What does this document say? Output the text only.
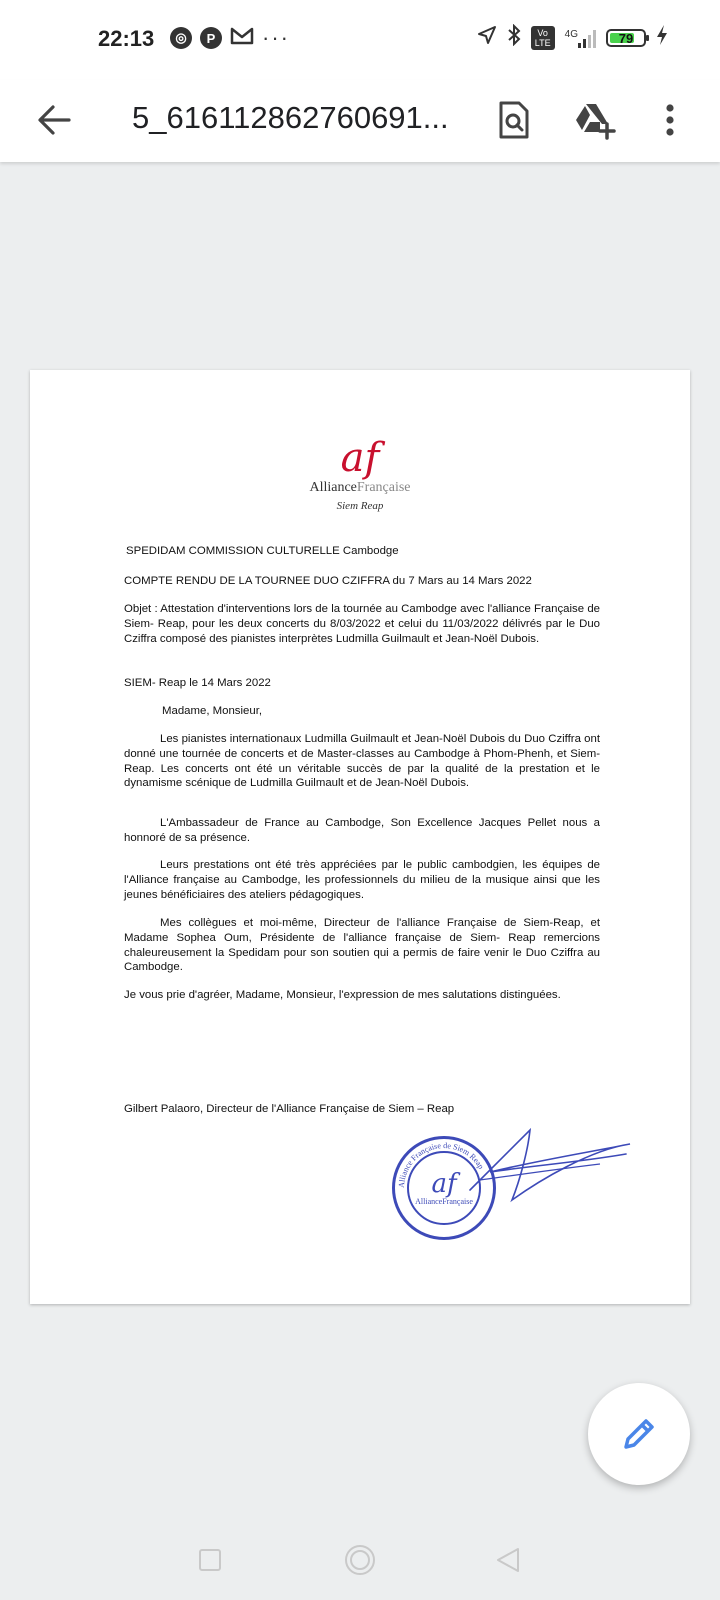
22:13	◎	P	···	Vo LTE
4G	79
5_616112862760691...
af
AllianceFrançaise
Siem Reap
SPEDIDAM COMMISSION CULTURELLE Cambodge
COMPTE RENDU DE LA TOURNEE DUO CZIFFRA du 7 Mars au 14 Mars 2022

Objet : Attestation d'interventions lors de la tournée au Cambodge avec l'alliance Française de Siem- Reap, pour les deux concerts du 8/03/2022 et celui du 11/03/2022 délivrés par le Duo Cziffra composé des pianistes interprètes Ludmilla Guilmault et Jean-Noël Dubois.

SIEM- Reap le 14 Mars 2022
Madame, Monsieur,

Les pianistes internationaux Ludmilla Guilmault et Jean-Noël Dubois du Duo Cziffra ont donné une tournée de concerts et de Master-classes au Cambodge à Phom-Phenh, et Siem- Reap. Les concerts ont été un véritable succès de par la qualité de la prestation et le dynamisme scénique de Ludmilla Guilmault et de Jean-Noël Dubois.

L'Ambassadeur de France au Cambodge, Son Excellence Jacques Pellet nous a honnoré de sa présence.

Leurs prestations ont été très appréciées par le public cambodgien, les équipes de l'Alliance française au Cambodge, les professionnels du milieu de la musique ainsi que les jeunes bénéficiaires des ateliers pédagogiques.

Mes collègues et moi-même, Directeur de l'alliance Française de Siem-Reap, et Madame Sophea Oum, Présidente de l'alliance française de Siem- Reap remercions chaleureusement la Spedidam pour son soutien qui a permis de faire venir le Duo Cziffra au Cambodge.

Je vous prie d'agréer, Madame, Monsieur, l'expression de mes salutations distinguées.

Gilbert Palaoro, Directeur de l'Alliance Française de Siem – Reap
Alliance Française de Siem Reap
af
AllianceFrançaise
